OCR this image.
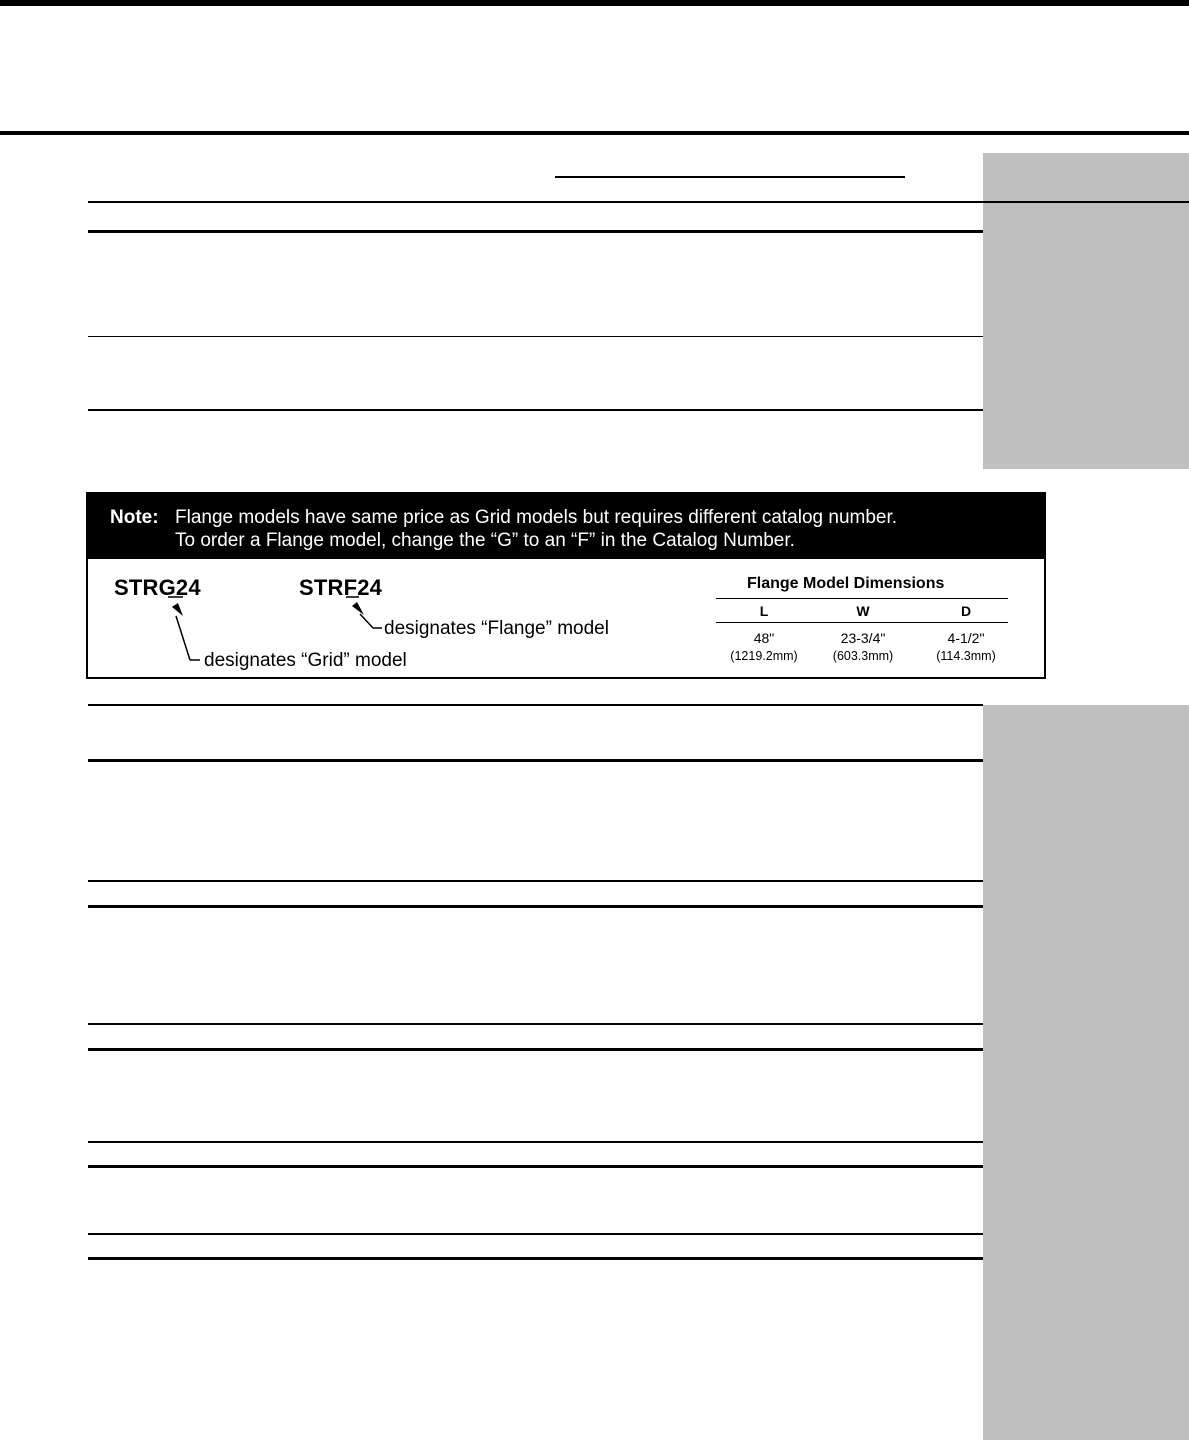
Note: Flange models have same price as Grid models but requires different catalog number.
To order a Flange model, change the “G” to an “F” in the Catalog Number.
STRG24	STRF24
designates “Flange” model
designates “Grid” model
Flange Model Dimensions
L	W	D
48"	23-3/4"	4-1/2"
(1219.2mm)	(603.3mm)	(114.3mm)
